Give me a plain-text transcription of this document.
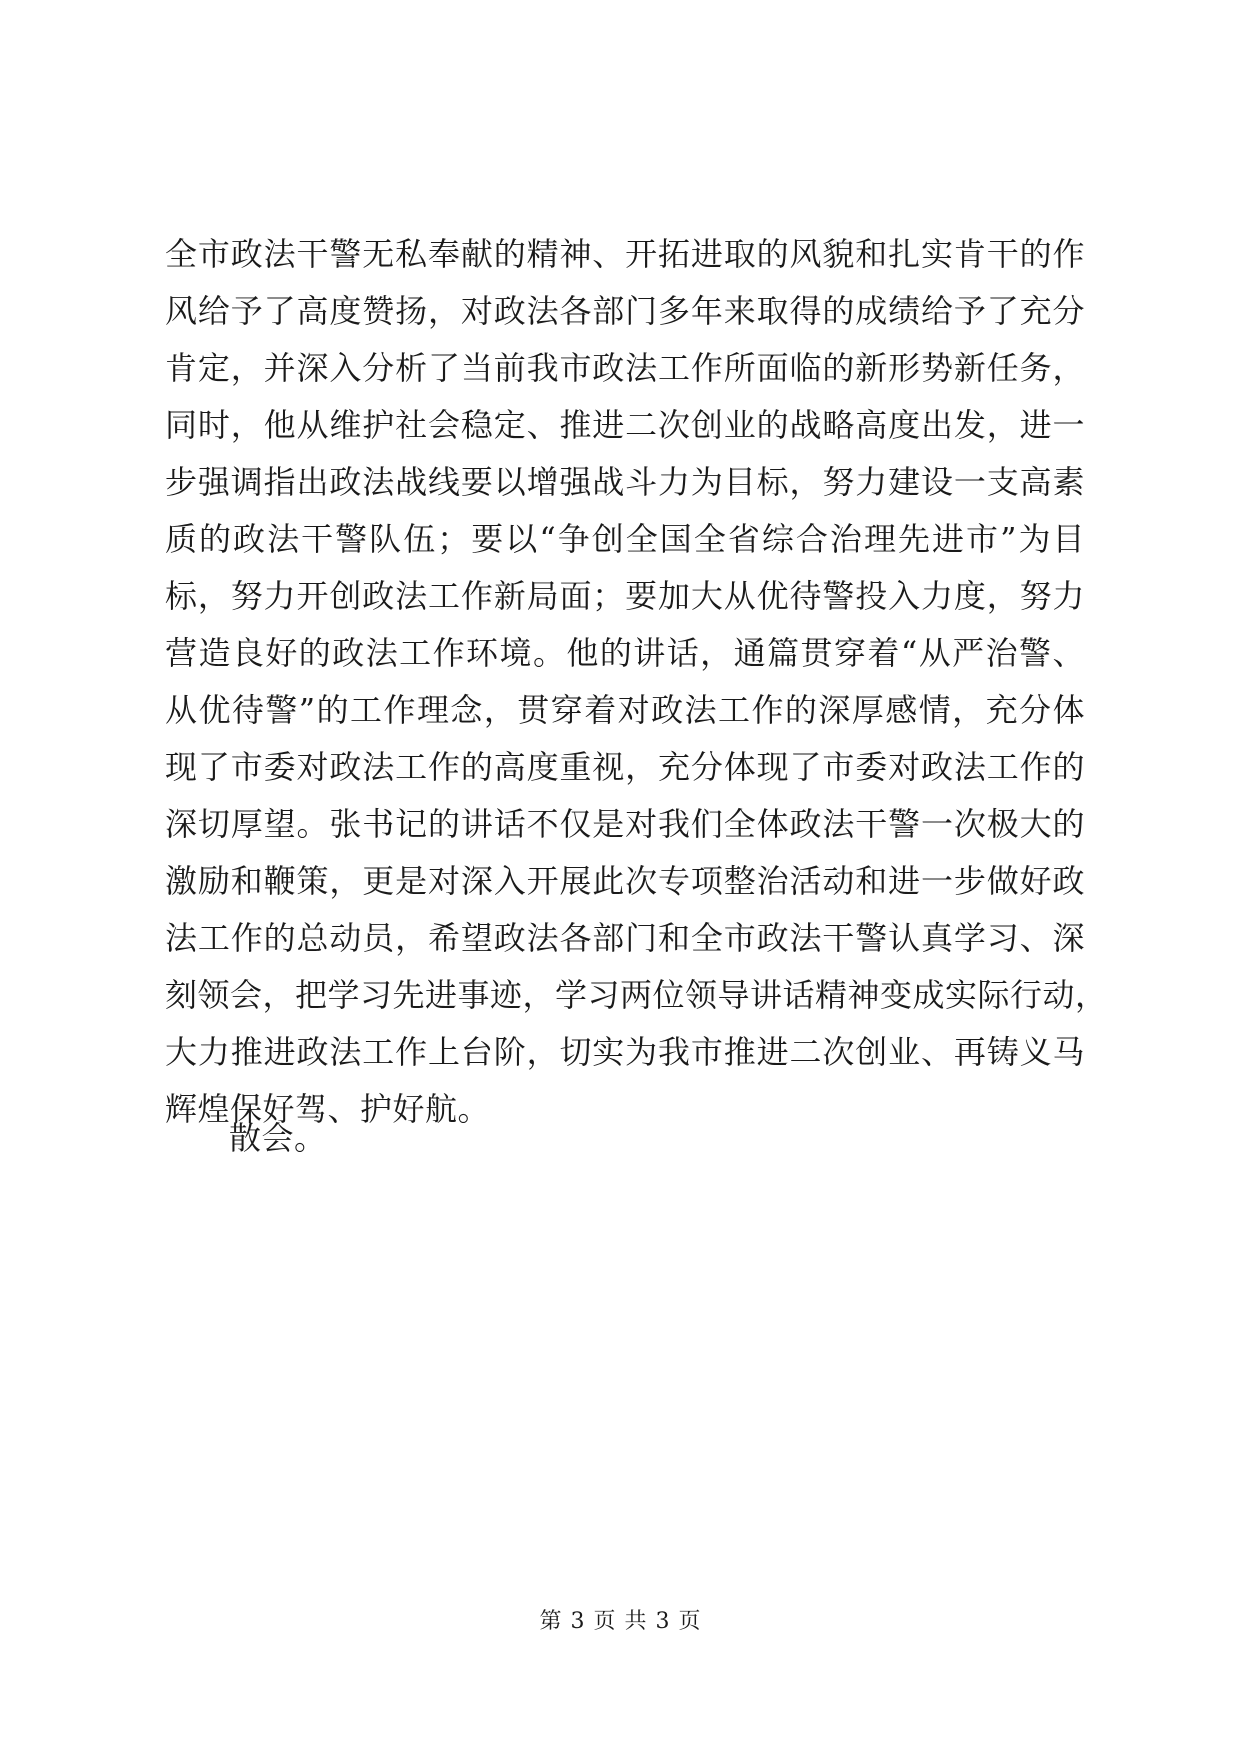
全市政法干警无私奉献的精神、开拓进取的风貌和扎实肯干的作
风给予了高度赞扬，对政法各部门多年来取得的成绩给予了充分
肯定，并深入分析了当前我市政法工作所面临的新形势新任务，
同时，他从维护社会稳定、推进二次创业的战略高度出发，进一
步强调指出政法战线要以增强战斗力为目标，努力建设一支高素
质的政法干警队伍；要以“争创全国全省综合治理先进市”为目
标，努力开创政法工作新局面；要加大从优待警投入力度，努力
营造良好的政法工作环境。他的讲话，通篇贯穿着“从严治警、
从优待警”的工作理念，贯穿着对政法工作的深厚感情，充分体
现了市委对政法工作的高度重视，充分体现了市委对政法工作的
深切厚望。张书记的讲话不仅是对我们全体政法干警一次极大的
激励和鞭策，更是对深入开展此次专项整治活动和进一步做好政
法工作的总动员，希望政法各部门和全市政法干警认真学习、深
刻领会，把学习先进事迹，学习两位领导讲话精神变成实际行动，
大力推进政法工作上台阶，切实为我市推进二次创业、再铸义马
辉煌保好驾、护好航。

散会。

第 3 页 共 3 页
